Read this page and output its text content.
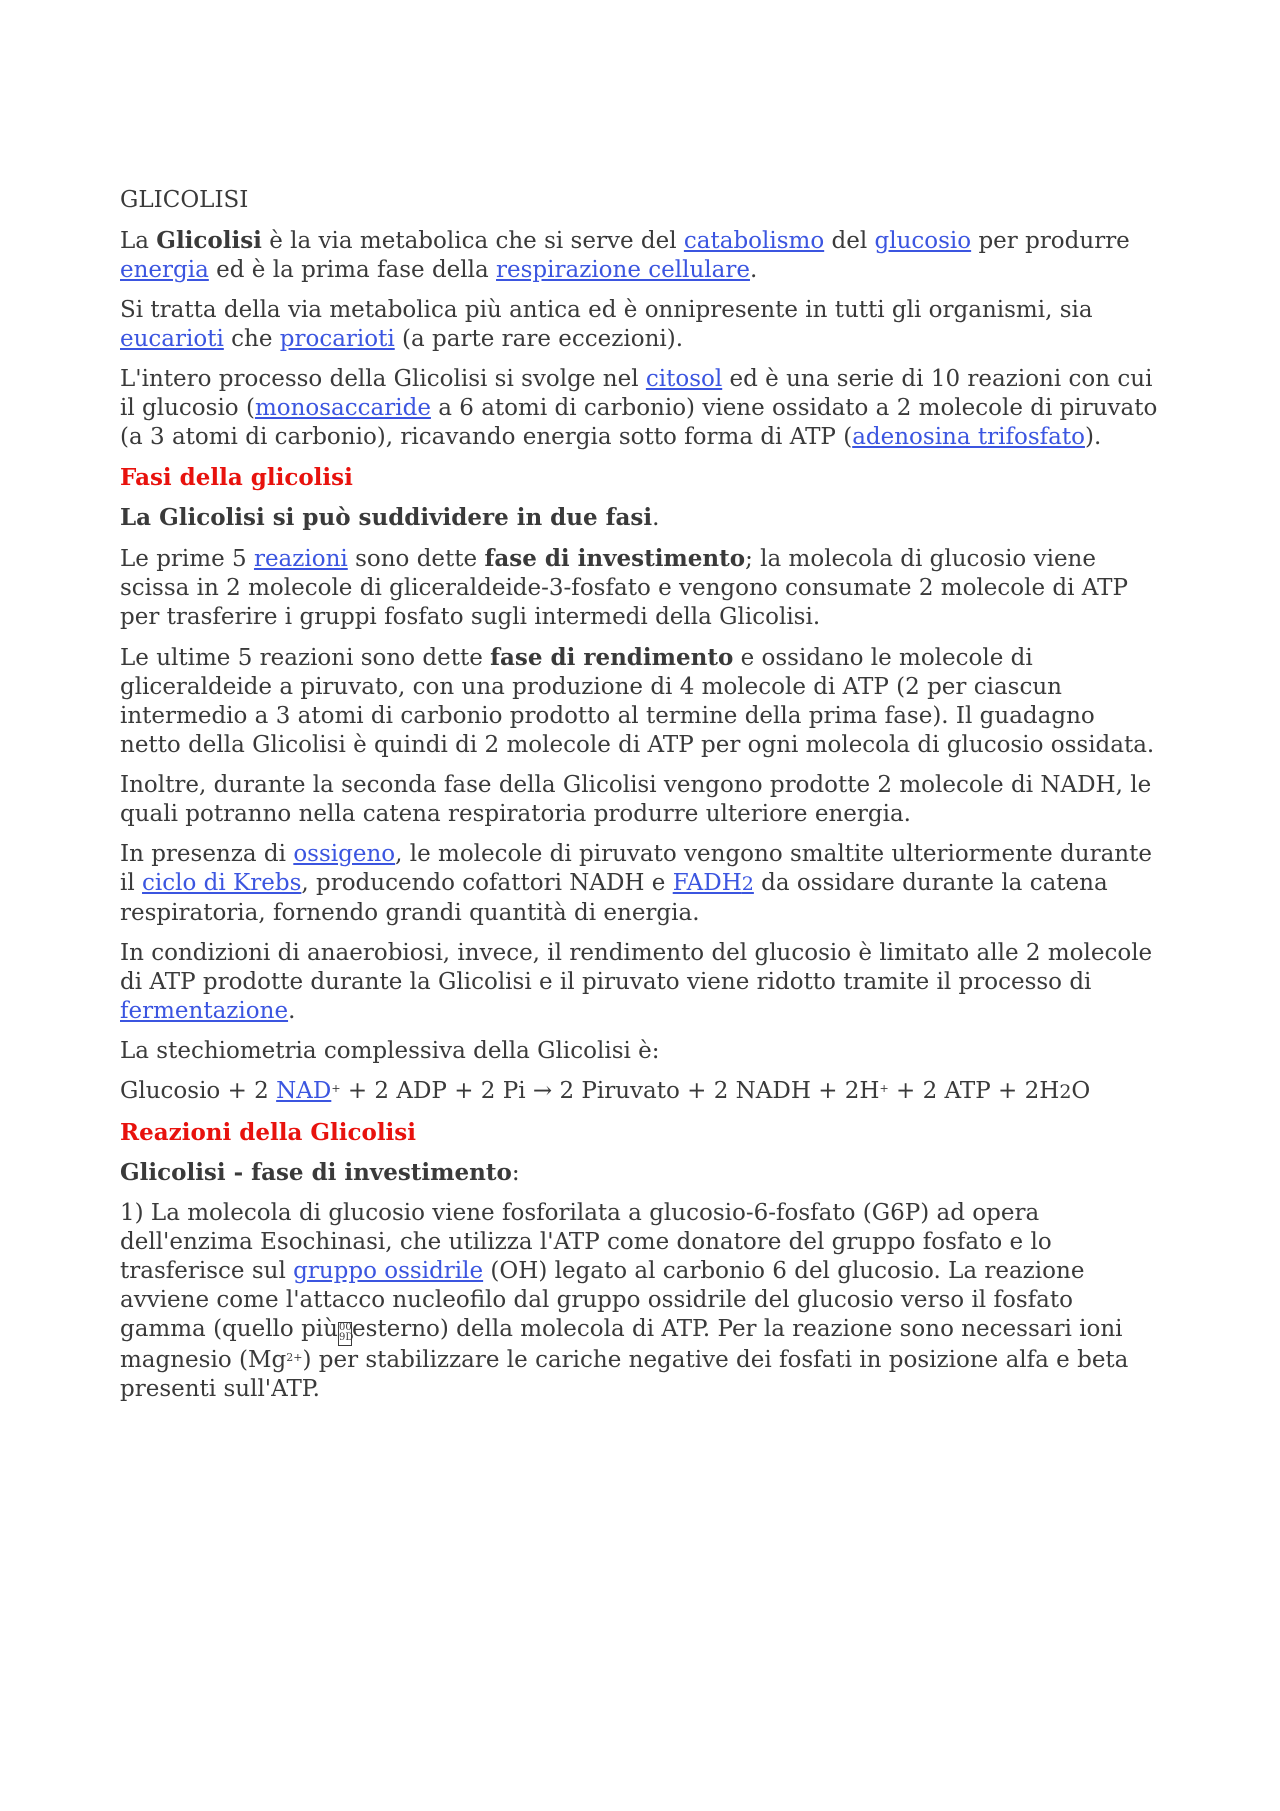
GLICOLISI

La Glicolisi è la via metabolica che si serve del catabolismo del glucosio per produrre energia ed è la prima fase della respirazione cellulare.

Si tratta della via metabolica più antica ed è onnipresente in tutti gli organismi, sia eucarioti che procarioti (a parte rare eccezioni).

L'intero processo della Glicolisi si svolge nel citosol ed è una serie di 10 reazioni con cui il glucosio (monosaccaride a 6 atomi di carbonio) viene ossidato a 2 molecole di piruvato (a 3 atomi di carbonio), ricavando energia sotto forma di ATP (adenosina trifosfato).

Fasi della glicolisi

La Glicolisi si può suddividere in due fasi.

Le prime 5 reazioni sono dette fase di investimento; la molecola di glucosio viene scissa in 2 molecole di gliceraldeide-3-fosfato e vengono consumate 2 molecole di ATP per trasferire i gruppi fosfato sugli intermedi della Glicolisi.

Le ultime 5 reazioni sono dette fase di rendimento e ossidano le molecole di gliceraldeide a piruvato, con una produzione di 4 molecole di ATP (2 per ciascun intermedio a 3 atomi di carbonio prodotto al termine della prima fase). Il guadagno netto della Glicolisi è quindi di 2 molecole di ATP per ogni molecola di glucosio ossidata.

Inoltre, durante la seconda fase della Glicolisi vengono prodotte 2 molecole di NADH, le quali potranno nella catena respiratoria produrre ulteriore energia.

In presenza di ossigeno, le molecole di piruvato vengono smaltite ulteriormente durante il ciclo di Krebs, producendo cofattori NADH e FADH2 da ossidare durante la catena respiratoria, fornendo grandi quantità di energia.

In condizioni di anaerobiosi, invece, il rendimento del glucosio è limitato alle 2 molecole di ATP prodotte durante la Glicolisi e il piruvato viene ridotto tramite il processo di fermentazione.

La stechiometria complessiva della Glicolisi è:

Glucosio + 2 NAD+ + 2 ADP + 2 Pi → 2 Piruvato + 2 NADH + 2H+ + 2 ATP + 2H2O

Reazioni della Glicolisi

Glicolisi - fase di investimento:

1) La molecola di glucosio viene fosforilata a glucosio-6-fosfato (G6P) ad opera dell'enzima Esochinasi, che utilizza l'ATP come donatore del gruppo fosfato e lo trasferisce sul gruppo ossidrile (OH) legato al carbonio 6 del glucosio. La reazione avviene come l'attacco nucleofilo dal gruppo ossidrile del glucosio verso il fosfato gamma (quello più00 9Desterno) della molecola di ATP. Per la reazione sono necessari ioni magnesio $(Mg^{2+})$ per stabilizzare le cariche negative dei fosfati in posizione alfa e beta presenti sull'ATP.
